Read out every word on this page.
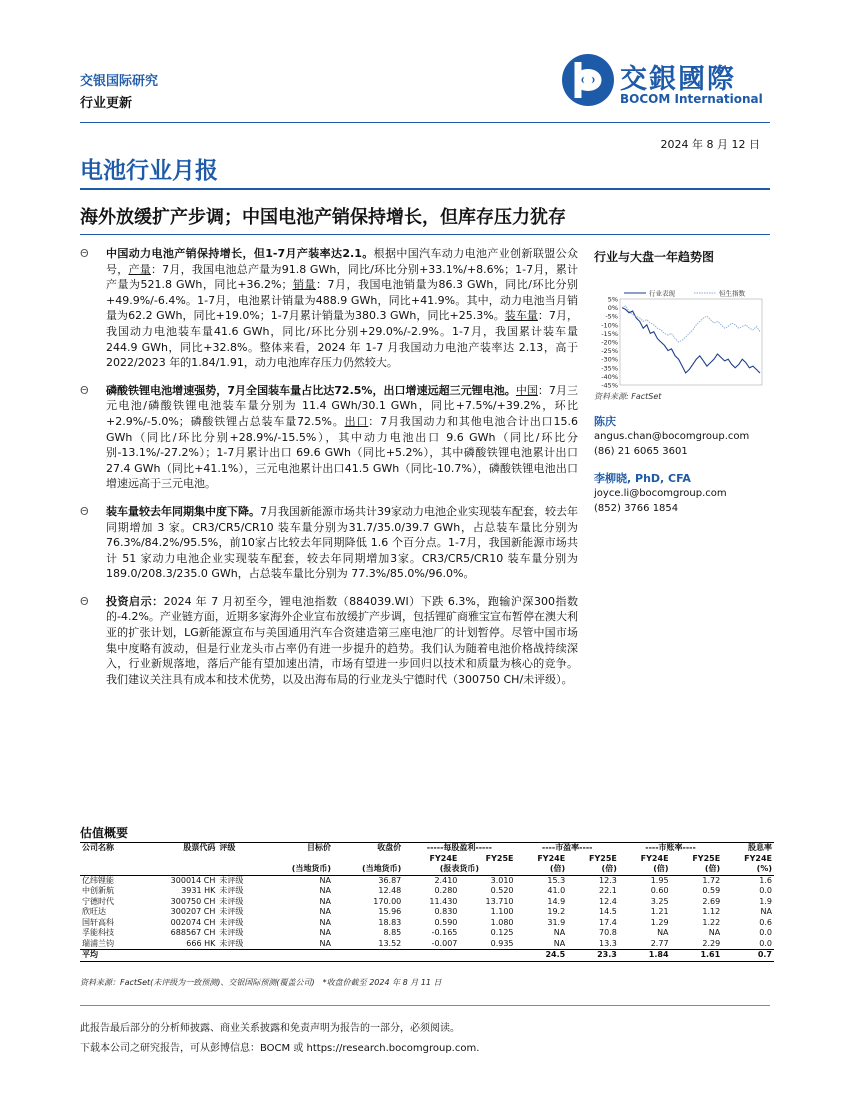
交银国际研究
行业更新
交銀國際
BOCOM International
2024 年 8 月 12 日
电池行业月报
海外放缓扩产步调；中国电池产销保持增长，但库存压力犹存
Θ 中国动力电池产销保持增长，但1-7月产装率达2.1。根据中国汽车动力电池产业创新联盟公众号，产量：7月，我国电池总产量为91.8 GWh，同比/环比分别+33.1%/+8.6%；1-7月，累计产量为521.8 GWh，同比+36.2%；销量：7月，我国电池销量为86.3 GWh，同比/环比分别+49.9%/-6.4%。1-7月，电池累计销量为488.9 GWh，同比+41.9%。其中，动力电池当月销量为62.2 GWh，同比+19.0%；1-7月累计销量为380.3 GWh，同比+25.3%。装车量：7月，我国动力电池装车量41.6 GWh，同比/环比分别+29.0%/-2.9%。1-7月，我国累计装车量244.9 GWh，同比+32.8%。整体来看，2024 年 1-7 月我国动力电池产装率达 2.13，高于 2022/2023 年的1.84/1.91，动力电池库存压力仍然较大。
Θ 磷酸铁锂电池增速强势，7月全国装车量占比达72.5%，出口增速远超三元锂电池。中国：7月三元电池/磷酸铁锂电池装车量分别为 11.4 GWh/30.1 GWh，同比+7.5%/+39.2%，环比+2.9%/-5.0%；磷酸铁锂占总装车量72.5%。出口：7月我国动力和其他电池合计出口15.6 GWh（同比/环比分别+28.9%/-15.5%），其中动力电池出口 9.6 GWh（同比/环比分别-13.1%/-27.2%）；1-7月累计出口 69.6 GWh（同比+5.2%），其中磷酸铁锂电池累计出口27.4 GWh（同比+41.1%），三元电池累计出口41.5 GWh（同比-10.7%），磷酸铁锂电池出口增速远高于三元电池。
Θ 装车量较去年同期集中度下降。7月我国新能源市场共计39家动力电池企业实现装车配套，较去年同期增加 3 家。CR3/CR5/CR10 装车量分别为31.7/35.0/39.7 GWh，占总装车量比分别为76.3%/84.2%/95.5%，前10家占比较去年同期降低 1.6 个百分点。1-7月，我国新能源市场共计 51 家动力电池企业实现装车配套，较去年同期增加3家。CR3/CR5/CR10 装车量分别为 189.0/208.3/235.0 GWh，占总装车量比分别为 77.3%/85.0%/96.0%。
Θ 投资启示：2024 年 7 月初至今，锂电池指数（884039.WI）下跌 6.3%，跑输沪深300指数的-4.2%。产业链方面，近期多家海外企业宣布放缓扩产步调，包括锂矿商雅宝宣布暂停在澳大利亚的扩张计划，LG新能源宣布与美国通用汽车合资建造第三座电池厂的计划暂停。尽管中国市场集中度略有波动，但是行业龙头市占率仍有进一步提升的趋势。我们认为随着电池价格战持续深入，行业新规落地，落后产能有望加速出清，市场有望进一步回归以技术和质量为核心的竞争。我们建议关注具有成本和技术优势，以及出海布局的行业龙头宁德时代（300750 CH/未评级）。
行业与大盘一年趋势图
5%
0%
-5%
-10%
-15%
-20%
-25%
-30%
-35%
-40%
-45%
行业表现	恒生指数
资料来源: FactSet
陈庆
angus.chan@bocomgroup.com
(86) 21 6065 3601
李柳晓, PhD, CFA
joyce.li@bocomgroup.com
(852) 3766 1854
估值概要
公司名称	股票代码	评级	目标价	收盘价	-----每股盈利-----		----市盈率----		----市账率----		股息率
					FY24E	FY25E	FY24E	FY25E	FY24E	FY25E	FY24E
			(当地货币)	(当地货币)	(报表货币)		(倍)	(倍)	(倍)	(倍)	(%)
亿纬锂能	300014 CH	未评级	NA	36.87	2.410	3.010	15.3	12.3	1.95	1.72	1.6
中创新航	3931 HK	未评级	NA	12.48	0.280	0.520	41.0	22.1	0.60	0.59	0.0
宁德时代	300750 CH	未评级	NA	170.00	11.430	13.710	14.9	12.4	3.25	2.69	1.9
欣旺达	300207 CH	未评级	NA	15.96	0.830	1.100	19.2	14.5	1.21	1.12	NA
国轩高科	002074 CH	未评级	NA	18.83	0.590	1.080	31.9	17.4	1.29	1.22	0.6
孚能科技	688567 CH	未评级	NA	8.85	-0.165	0.125	NA	70.8	NA	NA	0.0
瑞浦兰钧	666 HK	未评级	NA	13.52	-0.007	0.935	NA	13.3	2.77	2.29	0.0
平均							24.5	23.3	1.84	1.61	0.7
资料来源：FactSet(未评级为一致预测)、交银国际预测(覆盖公司)　*收盘价截至 2024 年 8 月 11 日
此报告最后部分的分析师披露、商业关系披露和免责声明为报告的一部分，必须阅读。
下载本公司之研究报告，可从彭博信息：BOCM 或 https://research.bocomgroup.com.
